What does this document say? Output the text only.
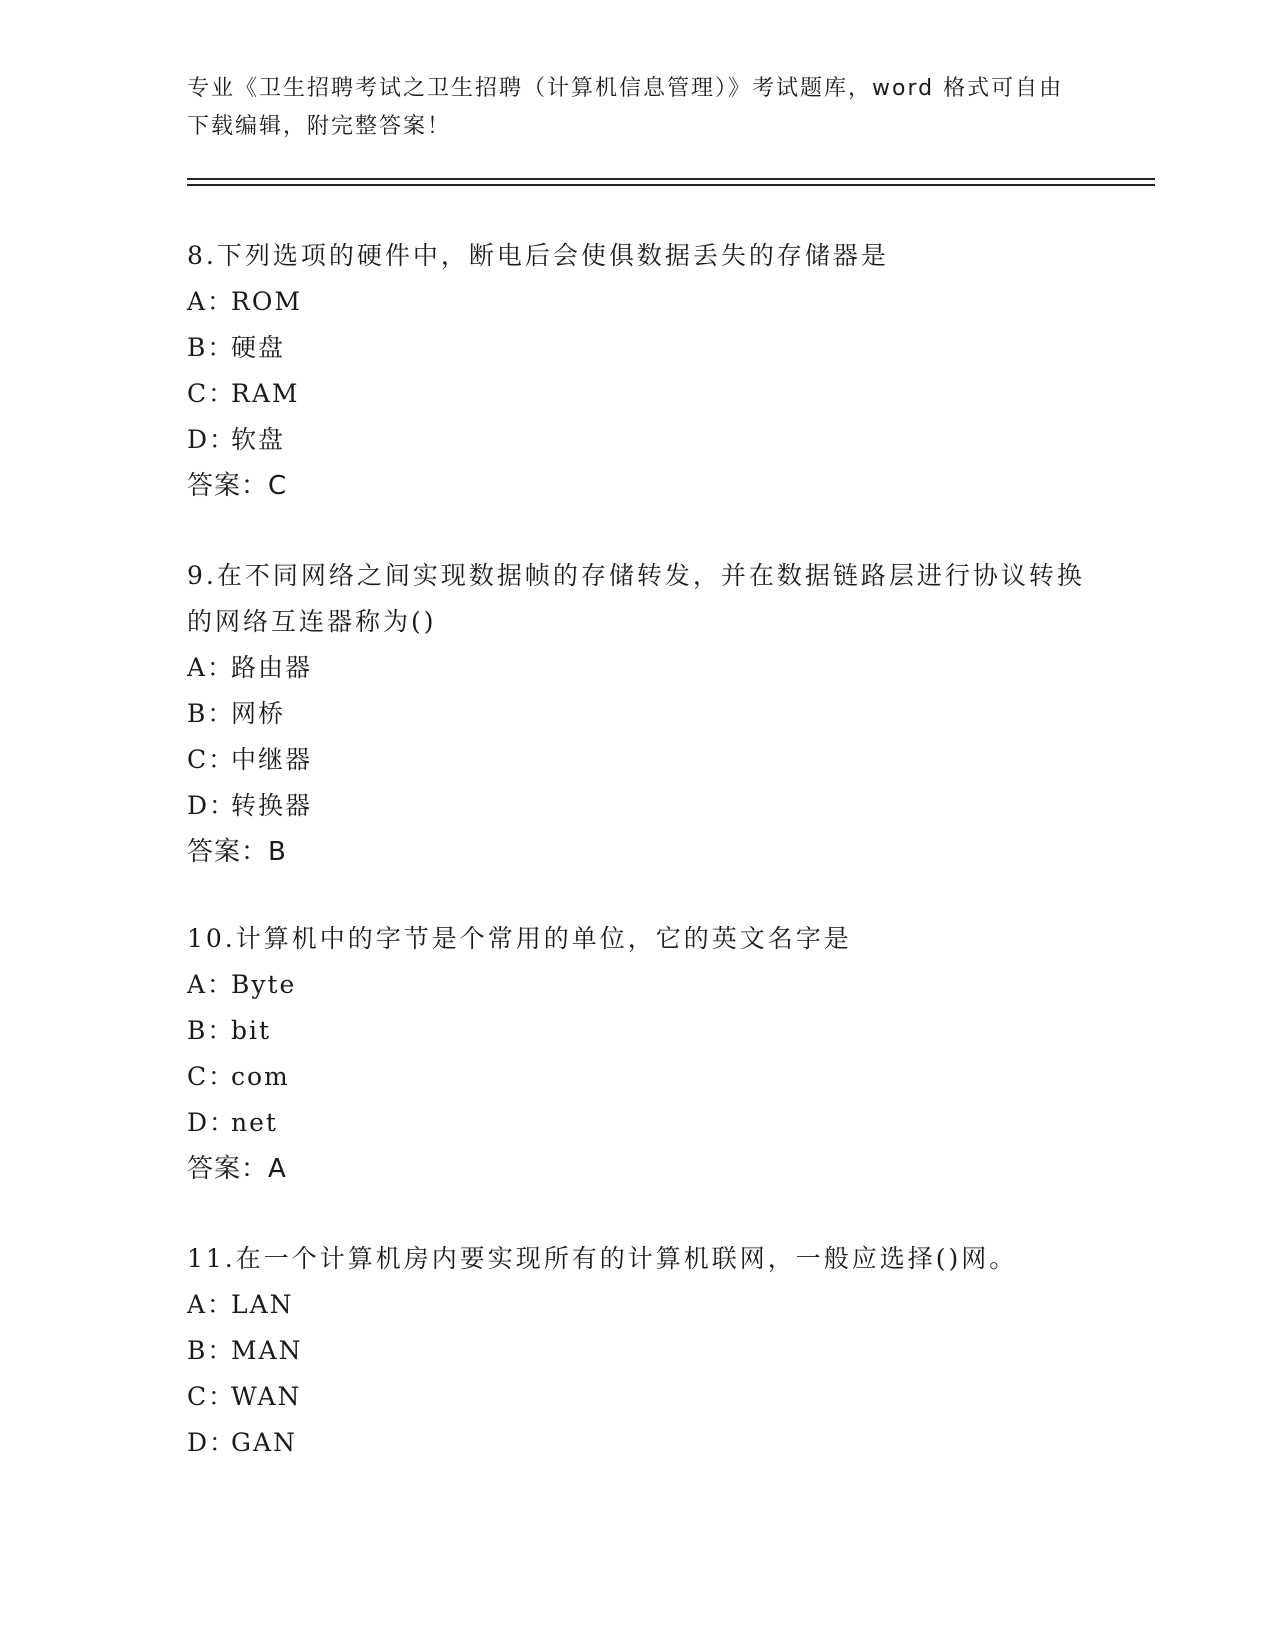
专业《卫生招聘考试之卫生招聘（计算机信息管理）》考试题库，word 格式可自由下载编辑，附完整答案！
8.下列选项的硬件中，断电后会使俱数据丢失的存储器是
A：
ROM
B：
硬盘
C：
RAM
D：
软盘
答案：C
9.在不同网络之间实现数据帧的存储转发，并在数据链路层进行协议转换的网络互连器称为()
A：
路由器
B：
网桥
C：
中继器
D：
转换器
答案：B
10.计算机中的字节是个常用的单位，它的英文名字是
A：
Byte
B：
bit
C：
com
D：
net
答案：A
11.在一个计算机房内要实现所有的计算机联网，一般应选择()网。
A：
LAN
B：
MAN
C：
WAN
D：
GAN
